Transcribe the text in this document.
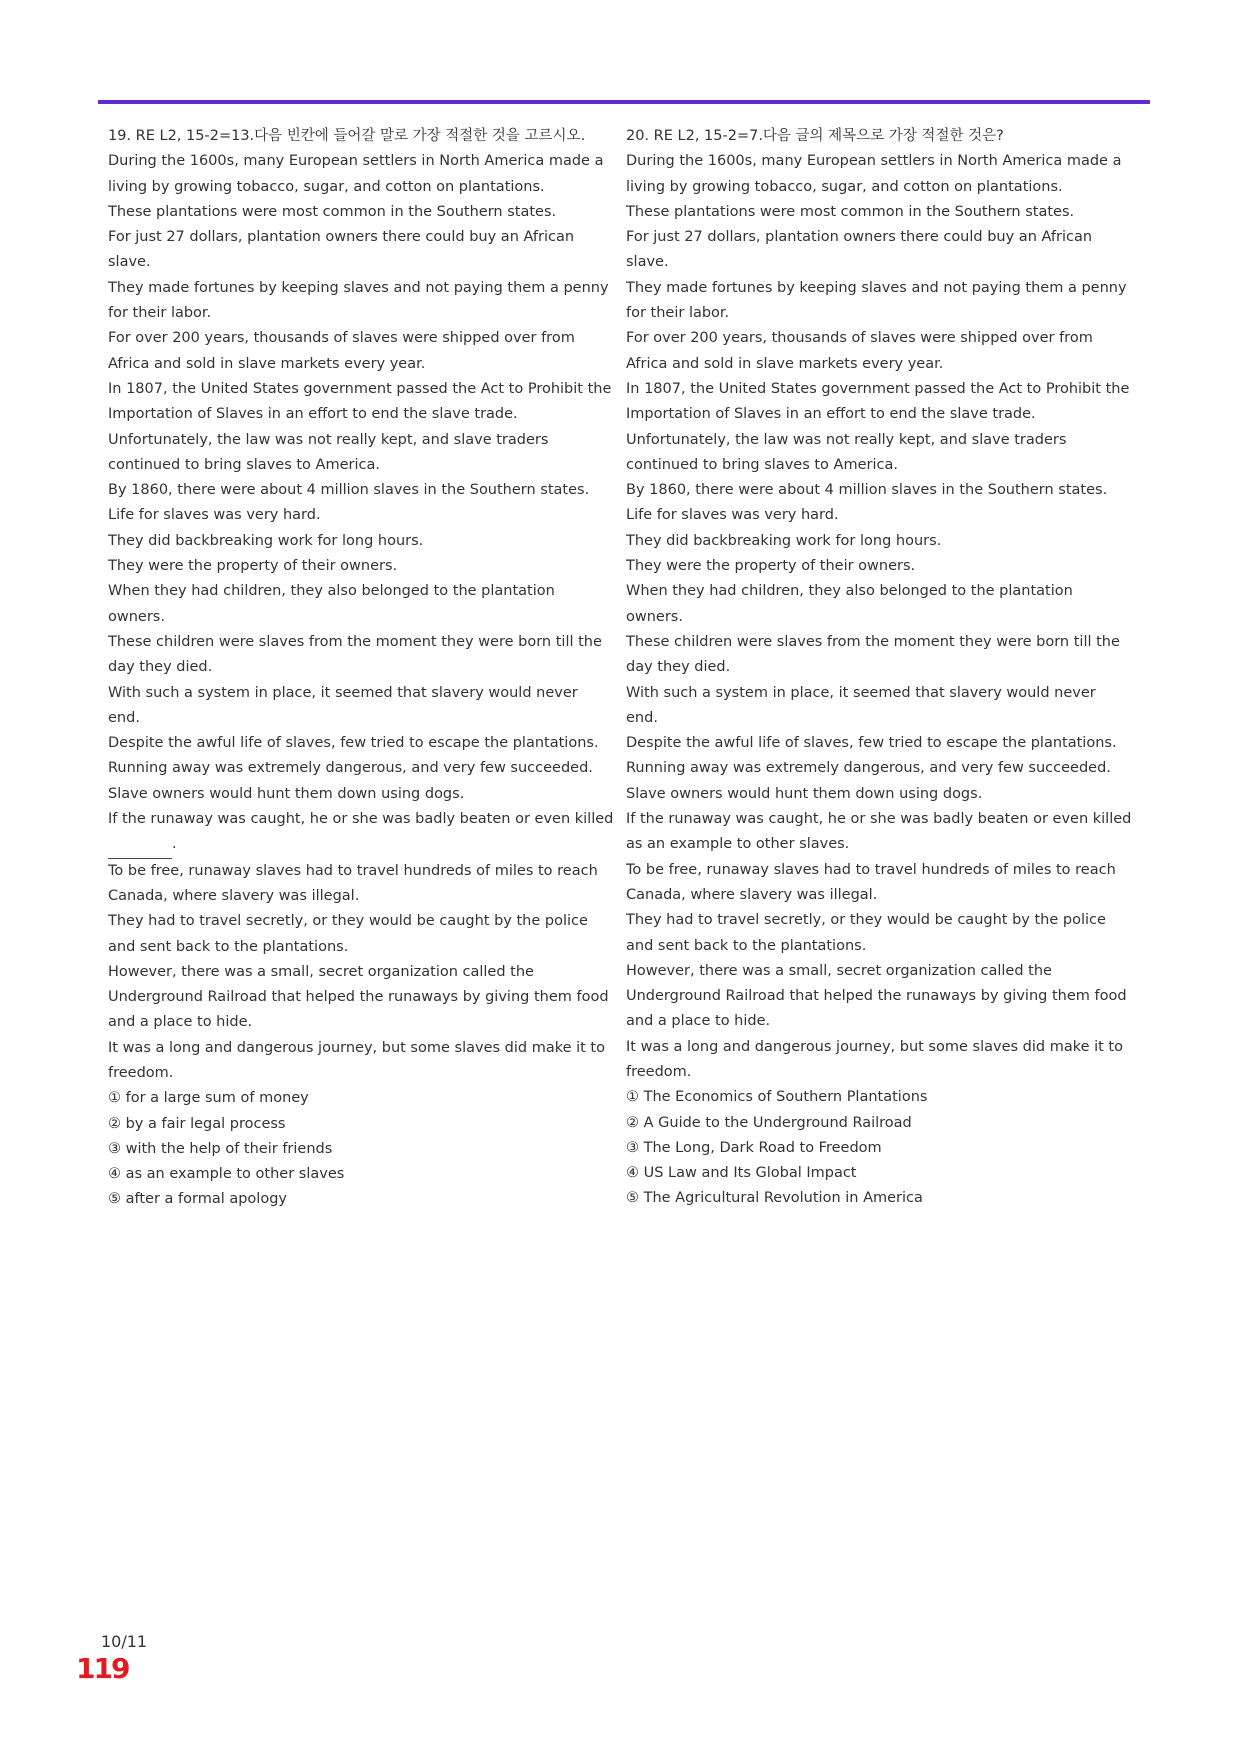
19. RE L2, 15-2=13.다음 빈칸에 들어갈 말로 가장 적절한 것을 고르시오.

During the 1600s, many European settlers in North America made a living by growing tobacco, sugar, and cotton on plantations.

These plantations were most common in the Southern states.

For just 27 dollars, plantation owners there could buy an African slave.

They made fortunes by keeping slaves and not paying them a penny for their labor.

For over 200 years, thousands of slaves were shipped over from Africa and sold in slave markets every year.

In 1807, the United States government passed the Act to Prohibit the Importation of Slaves in an effort to end the slave trade.

Unfortunately, the law was not really kept, and slave traders continued to bring slaves to America.

By 1860, there were about 4 million slaves in the Southern states.

Life for slaves was very hard.

They did backbreaking work for long hours.

They were the property of their owners.

When they had children, they also belonged to the plantation owners.

These children were slaves from the moment they were born till the day they died.

With such a system in place, it seemed that slavery would never end.

Despite the awful life of slaves, few tried to escape the plantations.

Running away was extremely dangerous, and very few succeeded.

Slave owners would hunt them down using dogs.

If the runaway was caught, he or she was badly beaten or even killed
.

To be free, runaway slaves had to travel hundreds of miles to reach Canada, where slavery was illegal.

They had to travel secretly, or they would be caught by the police and sent back to the plantations.

However, there was a small, secret organization called the Underground Railroad that helped the runaways by giving them food and a place to hide.

It was a long and dangerous journey, but some slaves did make it to freedom.

① for a large sum of money

② by a fair legal process

③ with the help of their friends

④ as an example to other slaves

⑤ after a formal apology

20. RE L2, 15-2=7.다음 글의 제목으로 가장 적절한 것은?

During the 1600s, many European settlers in North America made a living by growing tobacco, sugar, and cotton on plantations.

These plantations were most common in the Southern states.

For just 27 dollars, plantation owners there could buy an African slave.

They made fortunes by keeping slaves and not paying them a penny for their labor.

For over 200 years, thousands of slaves were shipped over from Africa and sold in slave markets every year.

In 1807, the United States government passed the Act to Prohibit the Importation of Slaves in an effort to end the slave trade.

Unfortunately, the law was not really kept, and slave traders continued to bring slaves to America.

By 1860, there were about 4 million slaves in the Southern states.

Life for slaves was very hard.

They did backbreaking work for long hours.

They were the property of their owners.

When they had children, they also belonged to the plantation owners.

These children were slaves from the moment they were born till the day they died.

With such a system in place, it seemed that slavery would never end.

Despite the awful life of slaves, few tried to escape the plantations.

Running away was extremely dangerous, and very few succeeded.

Slave owners would hunt them down using dogs.

If the runaway was caught, he or she was badly beaten or even killed as an example to other slaves.

To be free, runaway slaves had to travel hundreds of miles to reach Canada, where slavery was illegal.

They had to travel secretly, or they would be caught by the police and sent back to the plantations.

However, there was a small, secret organization called the Underground Railroad that helped the runaways by giving them food and a place to hide.

It was a long and dangerous journey, but some slaves did make it to freedom.

① The Economics of Southern Plantations

② A Guide to the Underground Railroad

③ The Long, Dark Road to Freedom

④ US Law and Its Global Impact

⑤ The Agricultural Revolution in America

10/11
119
